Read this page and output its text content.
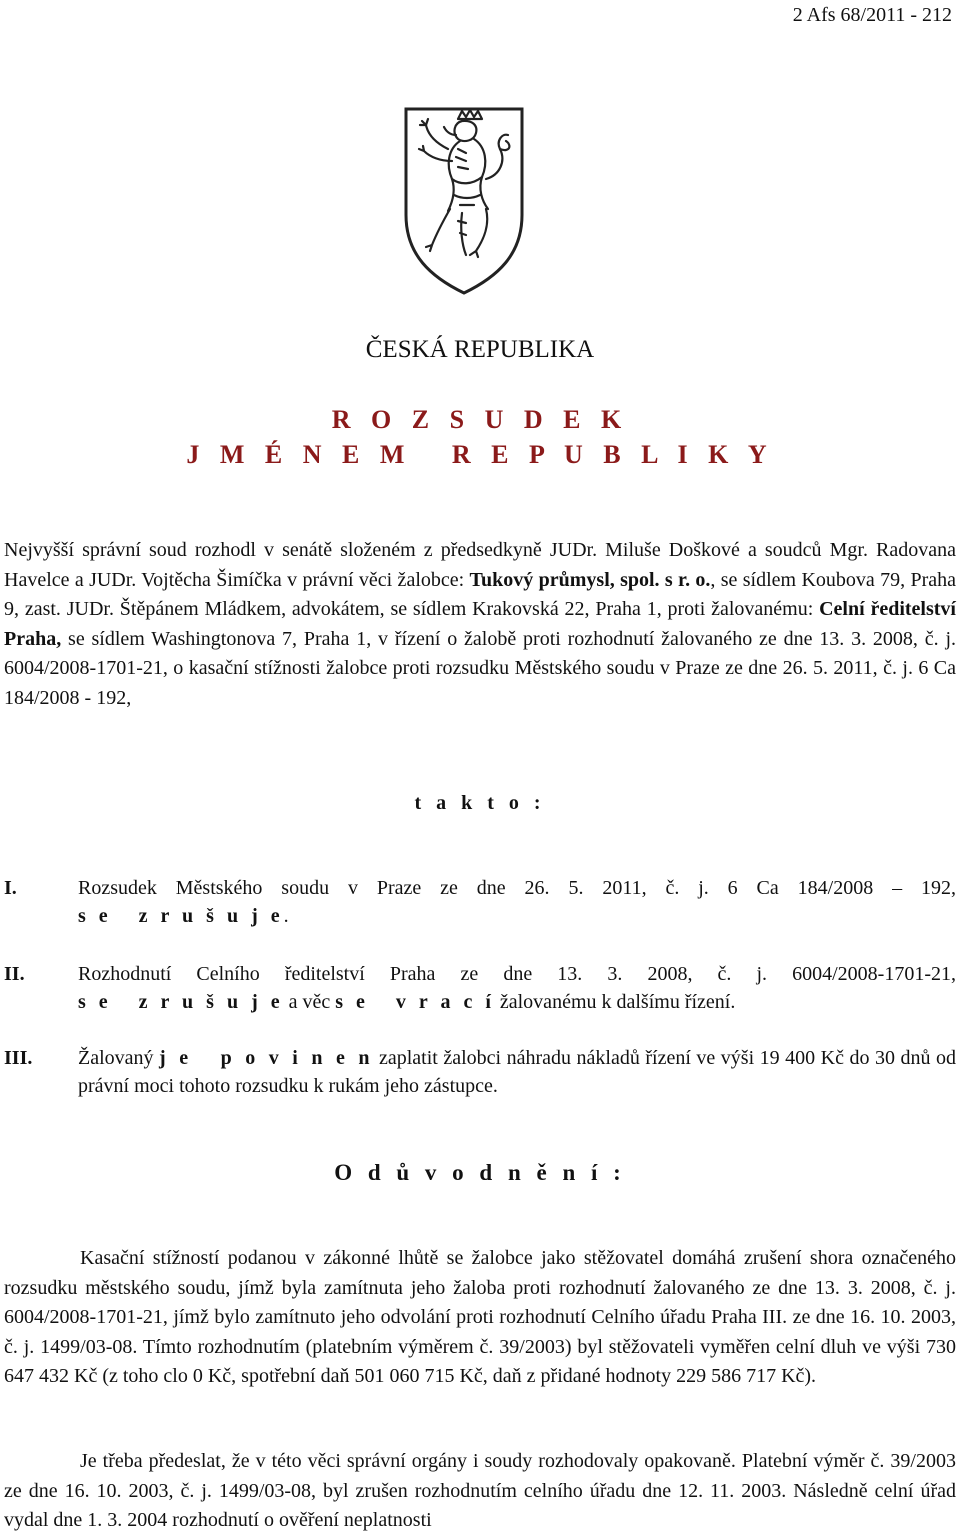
2 Afs 68/2011 - 212
ČESKÁ REPUBLIKA
R O Z S U D E K
J M É N E M   R E P U B L I K Y
Nejvyšší správní soud rozhodl v senátě složeném z předsedkyně JUDr. Miluše Doškové a soudců Mgr. Radovana Havelce a JUDr. Vojtěcha Šimíčka v právní věci žalobce: Tukový průmysl, spol. s r. o., se sídlem Koubova 79, Praha 9, zast. JUDr. Štěpánem Mládkem, advokátem, se sídlem Krakovská 22, Praha 1, proti žalovanému: Celní ředitelství Praha, se sídlem Washingtonova 7, Praha 1, v řízení o žalobě proti rozhodnutí žalovaného ze dne 13. 3. 2008, č. j. 6004/2008-1701-21, o kasační stížnosti žalobce proti rozsudku Městského soudu v Praze ze dne 26. 5. 2011, č. j. 6 Ca 184/2008 - 192,
t a k t o :
I.	Rozsudek Městského soudu v Praze ze dne 26. 5. 2011, č. j. 6 Ca 184/2008 – 192,
s e   z r u š u j e.
II.	Rozhodnutí Celního ředitelství Praha ze dne 13. 3. 2008, č. j. 6004/2008-1701-21,
s e   z r u š u j e a věc s e   v r a c í žalovanému k dalšímu řízení.
III. Žalovaný j e   p o v i n e n zaplatit žalobci náhradu nákladů řízení ve výši 19 400 Kč do 30 dnů od právní moci tohoto rozsudku k rukám jeho zástupce.
O d ů v o d n ě n í :
Kasační stížností podanou v zákonné lhůtě se žalobce jako stěžovatel domáhá zrušení shora označeného rozsudku městského soudu, jímž byla zamítnuta jeho žaloba proti rozhodnutí žalovaného ze dne 13. 3. 2008, č. j. 6004/2008-1701-21, jímž bylo zamítnuto jeho odvolání proti rozhodnutí Celního úřadu Praha III. ze dne 16. 10. 2003, č. j. 1499/03-08. Tímto rozhodnutím (platebním výměrem č. 39/2003) byl stěžovateli vyměřen celní dluh ve výši 730 647 432 Kč (z toho clo 0 Kč, spotřební daň 501 060 715 Kč, daň z přidané hodnoty 229 586 717 Kč).
Je třeba předeslat, že v této věci správní orgány i soudy rozhodovaly opakovaně. Platební výměr č. 39/2003 ze dne 16. 10. 2003, č. j. 1499/03-08, byl zrušen rozhodnutím celního úřadu dne 12. 11. 2003. Následně celní úřad vydal dne 1. 3. 2004 rozhodnutí o ověření neplatnosti
